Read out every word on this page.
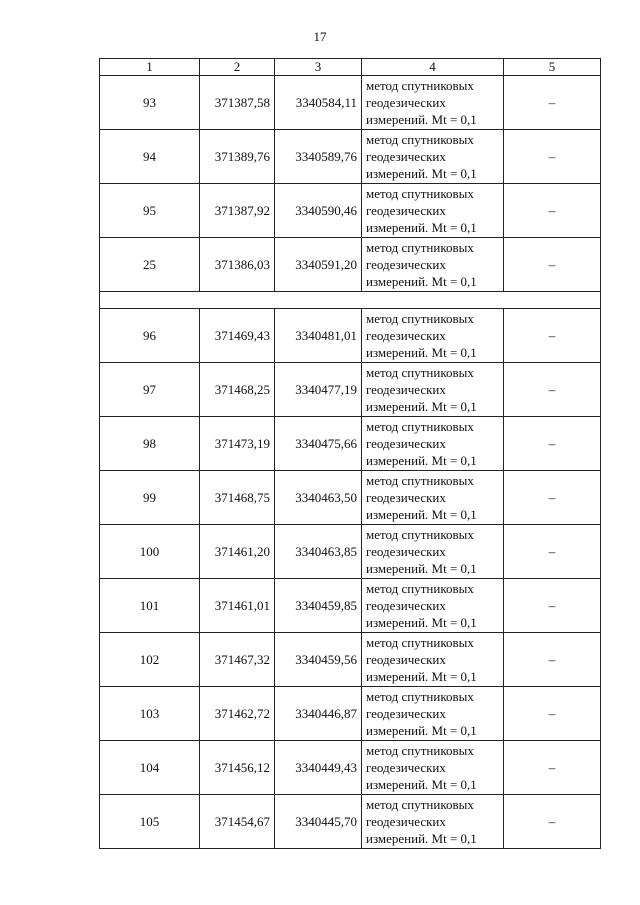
17
1	2	3	4	5
93	371387,58	3340584,11	метод спутниковых
геодезических
измерений. Mt = 0,1	–
94	371389,76	3340589,76	метод спутниковых
геодезических
измерений. Mt = 0,1	–
95	371387,92	3340590,46	метод спутниковых
геодезических
измерений. Mt = 0,1	–
25	371386,03	3340591,20	метод спутниковых
геодезических
измерений. Mt = 0,1	–

96	371469,43	3340481,01	метод спутниковых
геодезических
измерений. Mt = 0,1	–
97	371468,25	3340477,19	метод спутниковых
геодезических
измерений. Mt = 0,1	–
98	371473,19	3340475,66	метод спутниковых
геодезических
измерений. Mt = 0,1	–
99	371468,75	3340463,50	метод спутниковых
геодезических
измерений. Mt = 0,1	–
100	371461,20	3340463,85	метод спутниковых
геодезических
измерений. Mt = 0,1	–
101	371461,01	3340459,85	метод спутниковых
геодезических
измерений. Mt = 0,1	–
102	371467,32	3340459,56	метод спутниковых
геодезических
измерений. Mt = 0,1	–
103	371462,72	3340446,87	метод спутниковых
геодезических
измерений. Mt = 0,1	–
104	371456,12	3340449,43	метод спутниковых
геодезических
измерений. Mt = 0,1	–
105	371454,67	3340445,70	метод спутниковых
геодезических
измерений. Mt = 0,1	–
